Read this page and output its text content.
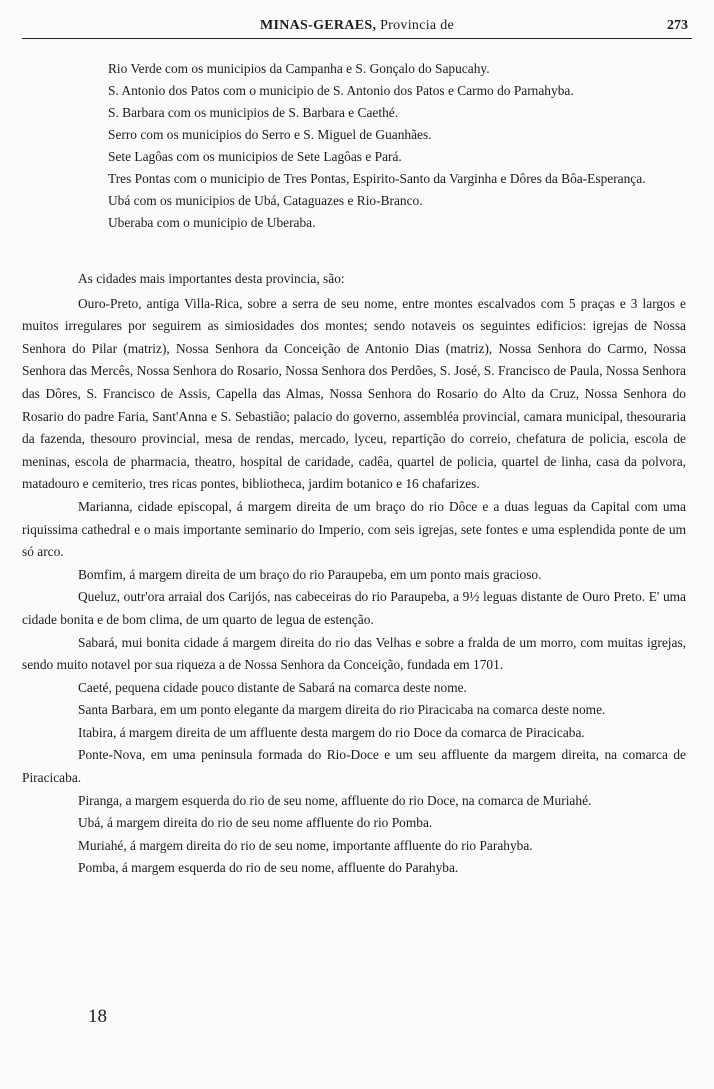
MINAS-GERAES, Provincia de	273

Rio Verde com os municipios da Campanha e S. Gonçalo do Sapucahy.

S. Antonio dos Patos com o municipio de S. Antonio dos Patos e Carmo do Parnahyba.

S. Barbara com os municipios de S. Barbara e Caethé.

Serro com os municipios do Serro e S. Miguel de Guanhães.

Sete Lagôas com os municipios de Sete Lagôas e Pará.

Tres Pontas com o municipio de Tres Pontas, Espirito-Santo da Varginha e Dôres da Bôa-Esperança.

Ubá com os municipios de Ubá, Cataguazes e Rio-Branco.

Uberaba com o municipio de Uberaba.

As cidades mais importantes desta provincia, são:

Ouro-Preto, antiga Villa-Rica, sobre a serra de seu nome, entre montes escalvados com 5 praças e 3 largos e muitos irregulares por seguirem as simiosidades dos montes; sendo notaveis os seguintes edificios: igrejas de Nossa Senhora do Pilar (matriz), Nossa Senhora da Conceição de Antonio Dias (matriz), Nossa Senhora do Carmo, Nossa Senhora das Mercês, Nossa Senhora do Rosario, Nossa Senhora dos Perdões, S. José, S. Francisco de Paula, Nossa Senhora das Dôres, S. Francisco de Assis, Capella das Almas, Nossa Senhora do Rosario do Alto da Cruz, Nossa Senhora do Rosario do padre Faria, Sant'Anna e S. Sebastião; palacio do governo, assembléa provincial, camara municipal, thesouraria da fazenda, thesouro provincial, mesa de rendas, mercado, lyceu, repartição do correio, chefatura de policia, escola de meninas, escola de pharmacia, theatro, hospital de caridade, cadêa, quartel de policia, quartel de linha, casa da polvora, matadouro e cemiterio, tres ricas pontes, bibliotheca, jardim botanico e 16 chafarizes.

Marianna, cidade episcopal, á margem direita de um braço do rio Dôce e a duas leguas da Capital com uma riquissima cathedral e o mais importante seminario do Imperio, com seis igrejas, sete fontes e uma esplendida ponte de um só arco.

Bomfim, á margem direita de um braço do rio Paraupeba, em um ponto mais gracioso.

Queluz, outr'ora arraial dos Carijós, nas cabeceiras do rio Paraupeba, a 9½ leguas distante de Ouro Preto. E' uma cidade bonita e de bom clima, de um quarto de legua de estenção.

Sabará, mui bonita cidade á margem direita do rio das Velhas e sobre a fralda de um morro, com muitas igrejas, sendo muito notavel por sua riqueza a de Nossa Senhora da Conceição, fundada em 1701.

Caeté, pequena cidade pouco distante de Sabará na comarca deste nome.

Santa Barbara, em um ponto elegante da margem direita do rio Piracicaba na comarca deste nome.

Itabira, á margem direita de um affluente desta margem do rio Doce da comarca de Piracicaba.

Ponte-Nova, em uma peninsula formada do Rio-Doce e um seu affluente da margem direita, na comarca de Piracicaba.

Piranga, a margem esquerda do rio de seu nome, affluente do rio Doce, na comarca de Muriahé.

Ubá, á margem direita do rio de seu nome affluente do rio Pomba.

Muriahé, á margem direita do rio de seu nome, importante affluente do rio Parahyba.

Pomba, á margem esquerda do rio de seu nome, affluente do Parahyba.

18
